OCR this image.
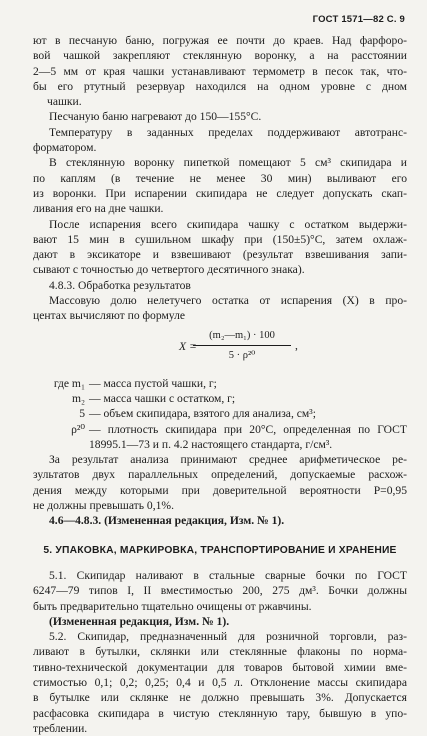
ГОСТ 1571—82 С. 9
ют в песчаную баню, погружая ее почти до краев. Над фарфоро-
вой чашкой закрепляют стеклянную воронку, а на расстоянии
2—5 мм от края чашки устанавливают термометр в песок так, что-
бы его ртутный резервуар находился на одном уровне с дном
чашки.
Песчаную баню нагревают до 150—155°С.
Температуру в заданных пределах поддерживают автотранс-
форматором.
В стеклянную воронку пипеткой помещают 5 см³ скипидара и
по каплям (в течение не менее 30 мин) выливают его
из воронки. При испарении скипидара не следует допускать скап-
ливания его на дне чашки.
После испарения всего скипидара чашку с остатком выдержи-
вают 15 мин в сушильном шкафу при (150±5)°С, затем охлаж-
дают в эксикаторе и взвешивают (результат взвешивания запи-
сывают с точностью до четвертого десятичного знака).
4.8.3. Обработка результатов
Массовую долю нелетучего остатка от испарения (X) в про-
центах вычисляют по формуле
X =
$\frac{\text{(m₂—m₁) · 100}}{\text{5 · ρ²⁰}}$ ,
где m₁ — масса пустой чашки, г;
m₂ — масса чашки с остатком, г;
5 — объем скипидара, взятого для анализа, см³;
ρ²⁰ — плотность скипидара при 20°С, определенная по ГОСТ
18995.1—73 и п. 4.2 настоящего стандарта, г/см³.
За результат анализа принимают среднее арифметическое ре-
зультатов двух параллельных определений, допускаемые расхож-
дения между которыми при доверительной вероятности P=0,95
не должны превышать 0,1%.
4.6—4.8.3. (Измененная редакция, Изм. № 1).
5. УПАКОВКА, МАРКИРОВКА, ТРАНСПОРТИРОВАНИЕ И ХРАНЕНИЕ
5.1. Скипидар наливают в стальные сварные бочки по ГОСТ
6247—79 типов I, II вместимостью 200, 275 дм³. Бочки должны
быть предварительно тщательно очищены от ржавчины.
(Измененная редакция, Изм. № 1).
5.2. Скипидар, предназначенный для розничной торговли, раз-
ливают в бутылки, склянки или стеклянные флаконы по норма-
тивно-технической документации для товаров бытовой химии вме-
стимостью 0,1; 0,2; 0,25; 0,4 и 0,5 л. Отклонение массы скипидара
в бутылке или склянке не должно превышать 3%. Допускается
расфасовка скипидара в чистую стеклянную тару, бывшую в упо-
треблении.
